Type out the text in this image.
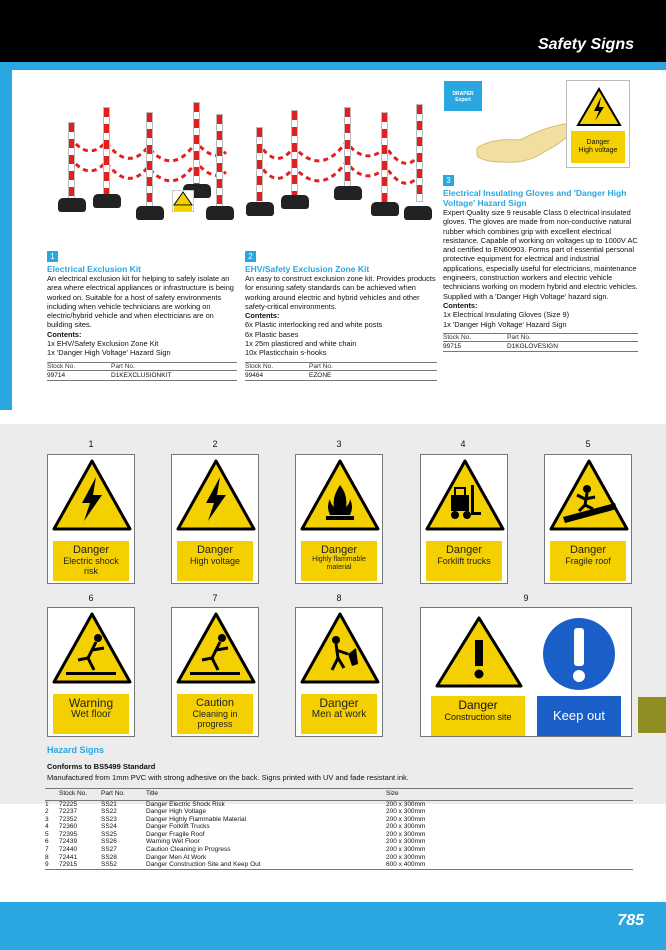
Safety Signs
DRAPER Expert
Danger
High voltage
1
Electrical Exclusion Kit
An electrical exclusion kit for helping to safely isolate an area where electrical appliances or infrastructure is being worked on. Suitable for a host of safety environments including when vehicle technicians are working on electric/hybrid vehicle and when electricians are on building sites.
Contents:
1x EHV/Safety Exclusion Zone Kit
1x 'Danger High Voltage' Hazard Sign
Stock No.	Part No.
99714	D1KEXCLUSIONKIT
2
EHV/Safety Exclusion Zone Kit
An easy to construct exclusion zone kit. Provides products for ensuring safety standards can be achieved when working around electric and hybrid vehicles and other safety-critical environments.
Contents:
6x Plastic interlocking red and white posts
6x Plastic bases
1x 25m plasticred and white chain
10x Plasticchain s-hooks
Stock No.	Part No.
99464	EZONE
3
Electrical Insulating Gloves and 'Danger High Voltage' Hazard Sign
Expert Quality size 9 reusable Class 0 electrical insulated gloves. The gloves are made from non-conductive natural rubber which combines grip with excellent electrical resistance. Capable of working on voltages up to 1000V AC and certified to EN60903. Forms part of essential personal protective equipment for electrical and industrial applications, especially useful for electricians, maintenance engineers, construction workers and electric vehicle technicians working on modern hybrid and electric vehicles. Supplied with a 'Danger High Voltage' hazard sign.
Contents:
1x Electrical Insulating Gloves (Size 9)
1x 'Danger High Voltage' Hazard Sign
Stock No.	Part No.
99715	D1KGLOVESIGN
1	2	3	4	5
Danger
Electric shock risk
Danger
High voltage
Danger
Highly flammable material
Danger
Forklift trucks
Danger
Fragile roof
6	7	8	9
Warning
Wet floor
Caution
Cleaning in progress
Danger
Men at work
Danger
Construction site	Keep out
Hazard Signs
Conforms to BS5499 Standard
Manufactured from 1mm PVC with strong adhesive on the back. Signs printed with UV and fade resistant ink.
	Stock No.	Part No.	Title	Size
1	72225	SS21	Danger Electric Shock Risk	200 x 300mm
2	72237	SS22	Danger High Voltage	200 x 300mm
3	72352	SS23	Danger Highly Flammable Material	200 x 300mm
4	72360	SS24	Danger Forklift Trucks	200 x 300mm
5	72395	SS25	Danger Fragile Roof	200 x 300mm
6	72439	SS26	Warning Wet Floor	200 x 300mm
7	72440	SS27	Caution Cleaning in Progress	200 x 300mm
8	72441	SS28	Danger Men At Work	200 x 300mm
9	72915	SS52	Danger Construction Site and Keep Out	600 x 400mm
785
